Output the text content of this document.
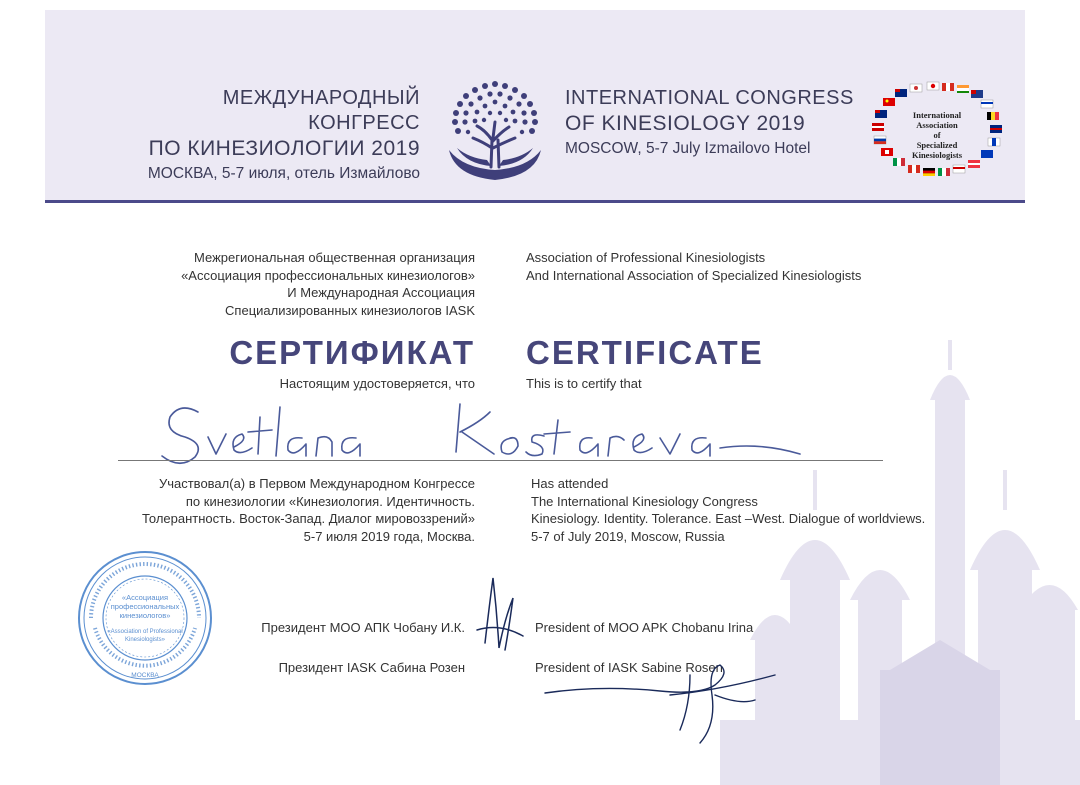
МЕЖДУНАРОДНЫЙ КОНГРЕСС
ПО КИНЕЗИОЛОГИИ 2019
МОСКВА, 5-7 июля, отель Измайлово
INTERNATIONAL CONGRESS
OF KINESIOLOGY 2019
MOSCOW, 5-7 July Izmailovo Hotel
International
Association
of
Specialized Kinesiologists
Межрегиональная общественная организация
«Ассоциация профессиональных кинезиологов»
И Международная Ассоциация
Специализированных кинезиологов IASK
Association of Professional Kinesiologists
And International Association of Specialized Kinesiologists
СЕРТИФИКАТ CERTIFICATE
Настоящим удостоверяется, что	This is to certify that
Участвовал(а) в Первом Международном Конгрессе
по кинезиологии «Кинезиология. Идентичность.
Толерантность. Восток-Запад. Диалог мировоззрений»
5-7 июля 2019 года, Москва.
Has attended
The International Kinesiology Congress
Kinesiology. Identity. Tolerance. East –West. Dialogue of worldviews.
5-7 of July 2019, Moscow, Russia
«Ассоциация
профессиональных
кинезиологов»
«Association of Professional
Kinesiologists»
МОСКВА
Президент МОО АПК Чобану И.К.
Президент IASK Сабина Розен
President of MOO APK Chobanu Irina
President of IASK Sabine Rosen
